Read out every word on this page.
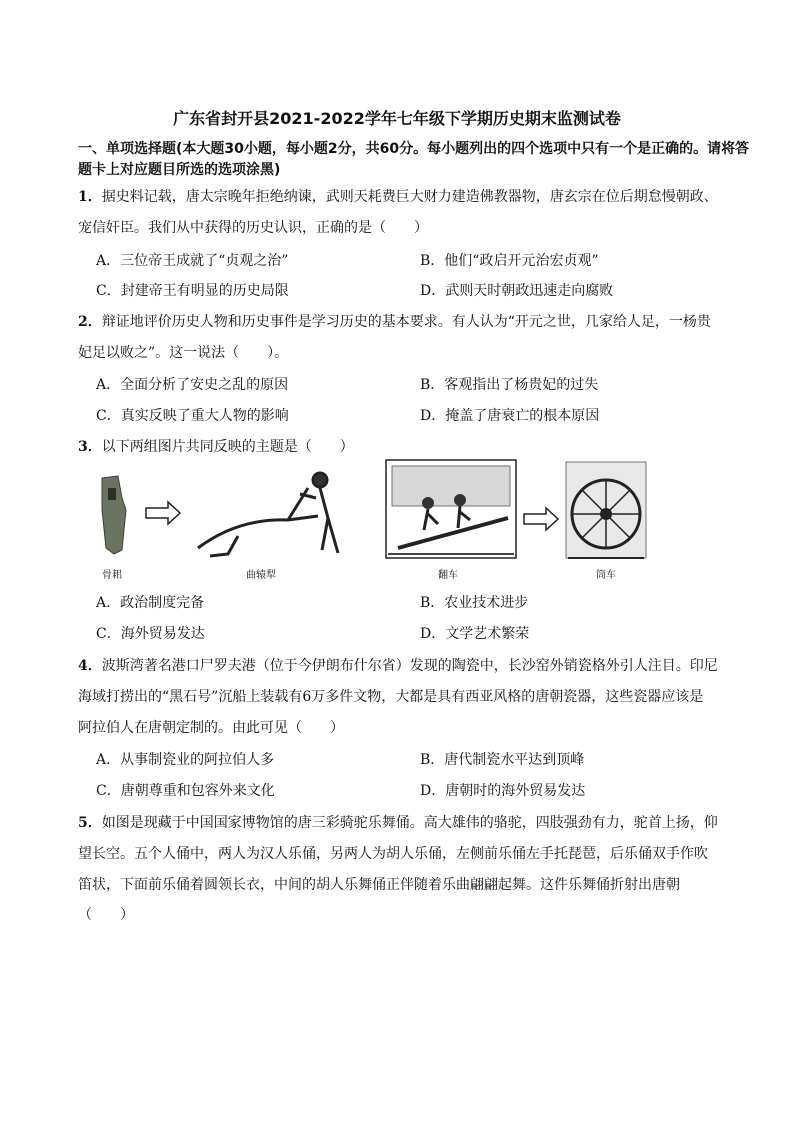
广东省封开县2021-2022学年七年级下学期历史期末监测试卷
一、单项选择题(本大题30小题，每小题2分，共60分。每小题列出的四个选项中只有一个是正确的。请将答题卡上对应题目所选的选项涂黑)
1．据史料记载，唐太宗晚年拒绝纳谏，武则天耗费巨大财力建造佛教器物，唐玄宗在位后期怠慢朝政、
宠信奸臣。我们从中获得的历史认识，正确的是（　　）
A．三位帝王成就了“贞观之治”	B．他们“政启开元治宏贞观”
C．封建帝王有明显的历史局限	D．武则天时朝政迅速走向腐败
2．辩证地评价历史人物和历史事件是学习历史的基本要求。有人认为“开元之世，几家给人足，一杨贵
妃足以败之”。这一说法（　　）。
A．全面分析了安史之乱的原因	B．客观指出了杨贵妃的过失
C．真实反映了重大人物的影响	D．掩盖了唐衰亡的根本原因
3．以下两组图片共同反映的主题是（　　）
骨耜	曲辕犁	翻车	筒车
A．政治制度完备	B．农业技术进步
C．海外贸易发达	D．文学艺术繁荣
4．波斯湾著名港口尸罗夫港（位于今伊朗布什尔省）发现的陶瓷中，长沙窑外销瓷格外引人注目。印尼
海域打捞出的“黑石号”沉船上装载有6万多件文物，大都是具有西亚风格的唐朝瓷器，这些瓷器应该是
阿拉伯人在唐朝定制的。由此可见（　　）
A．从事制瓷业的阿拉伯人多	B．唐代制瓷水平达到顶峰
C．唐朝尊重和包容外来文化	D．唐朝时的海外贸易发达
5．如图是现藏于中国国家博物馆的唐三彩骑驼乐舞俑。高大雄伟的骆驼，四肢强劲有力，驼首上扬，仰
望长空。五个人俑中，两人为汉人乐俑，另两人为胡人乐俑，左侧前乐俑左手托琵琶，后乐俑双手作吹
笛状，下面前乐俑着圆领长衣，中间的胡人乐舞俑正伴随着乐曲翩翩起舞。这件乐舞俑折射出唐朝
（　　）
